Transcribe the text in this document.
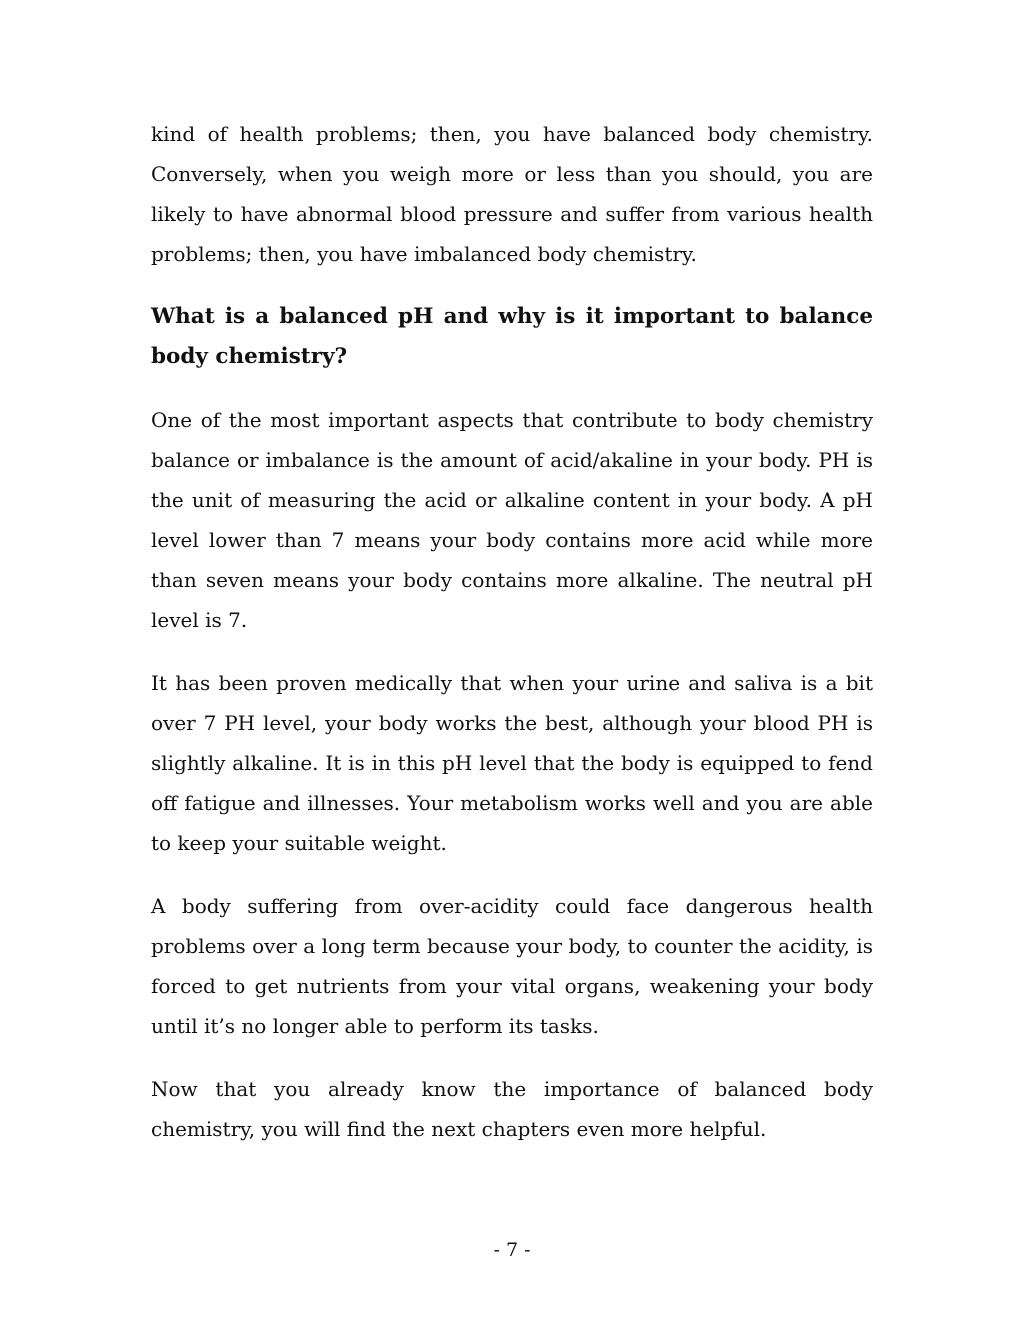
kind of health problems; then, you have balanced body chemistry. Conversely, when you weigh more or less than you should, you are likely to have abnormal blood pressure and suffer from various health problems; then, you have imbalanced body chemistry.

What is a balanced pH and why is it important to balance body chemistry?

One of the most important aspects that contribute to body chemistry balance or imbalance is the amount of acid/akaline in your body. PH is the unit of measuring the acid or alkaline content in your body. A pH level lower than 7 means your body contains more acid while more than seven means your body contains more alkaline. The neutral pH level is 7.

It has been proven medically that when your urine and saliva is a bit over 7 PH level, your body works the best, although your blood PH is slightly alkaline. It is in this pH level that the body is equipped to fend off fatigue and illnesses. Your metabolism works well and you are able to keep your suitable weight.

A body suffering from over-acidity could face dangerous health problems over a long term because your body, to counter the acidity, is forced to get nutrients from your vital organs, weakening your body until it’s no longer able to perform its tasks.

Now that you already know the importance of balanced body chemistry, you will find the next chapters even more helpful.

- 7 -
